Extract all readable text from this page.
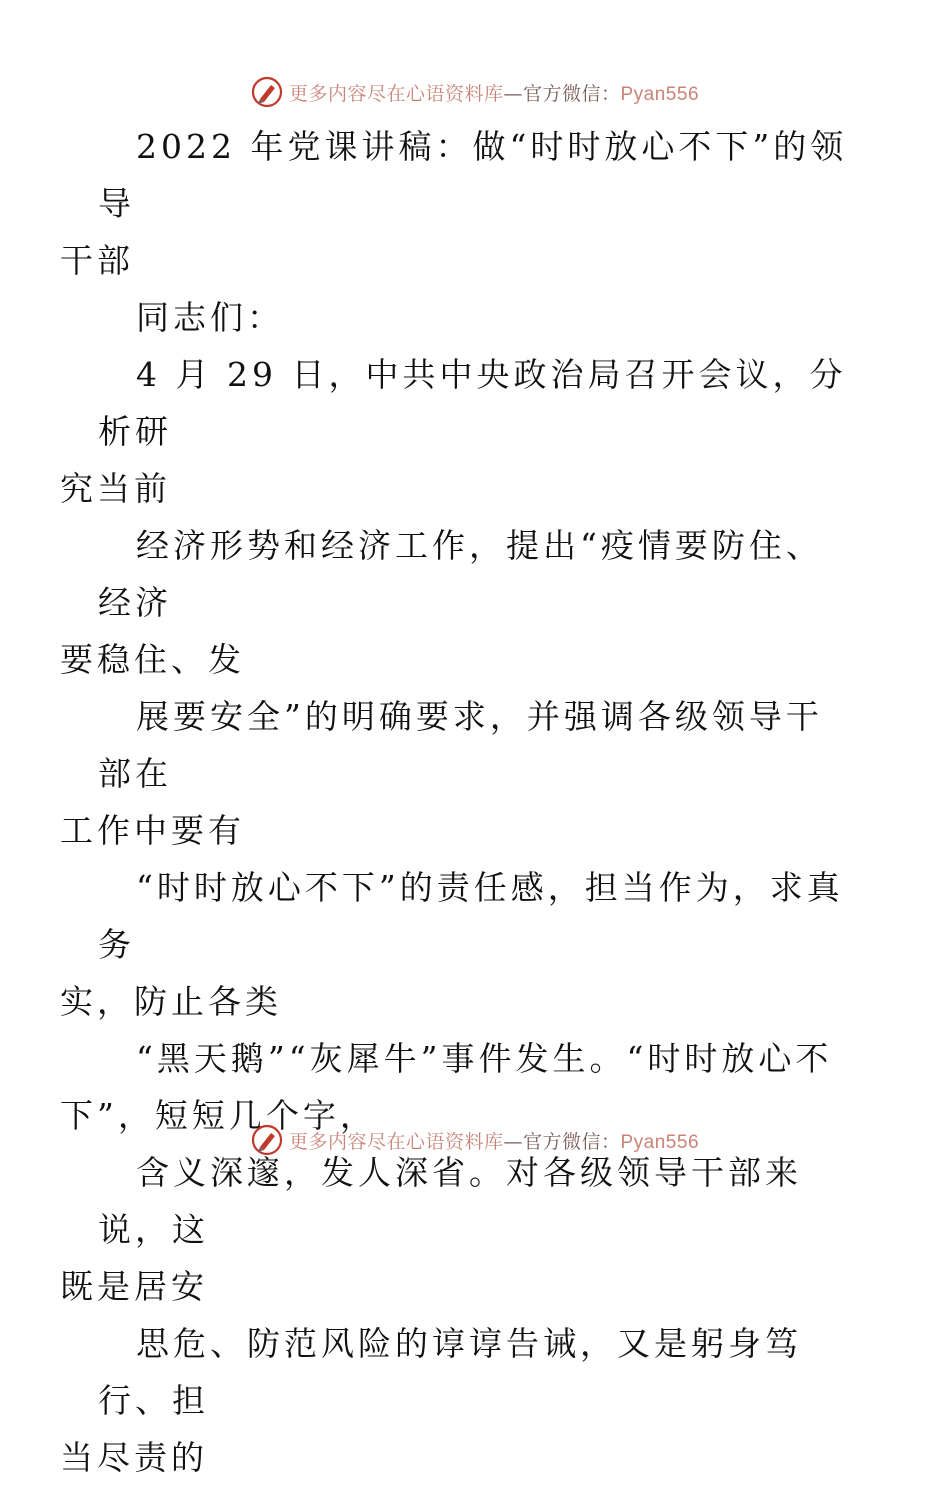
更多内容尽在心语资料库—官方微信：Pyan556

2022 年党课讲稿：做“时时放心不下”的领导
干部

同志们：

4 月 29 日，中共中央政治局召开会议，分析研
究当前

经济形势和经济工作，提出“疫情要防住、经济
要稳住、发

展要安全”的明确要求，并强调各级领导干部在
工作中要有

“时时放心不下”的责任感，担当作为，求真务
实，防止各类

“黑天鹅”“灰犀牛”事件发生。“时时放心不
下”，短短几个字，

含义深邃，发人深省。对各级领导干部来说，这
既是居安

思危、防范风险的谆谆告诫，又是躬身笃行、担
当尽责的

更多内容尽在心语资料库—官方微信：Pyan556
